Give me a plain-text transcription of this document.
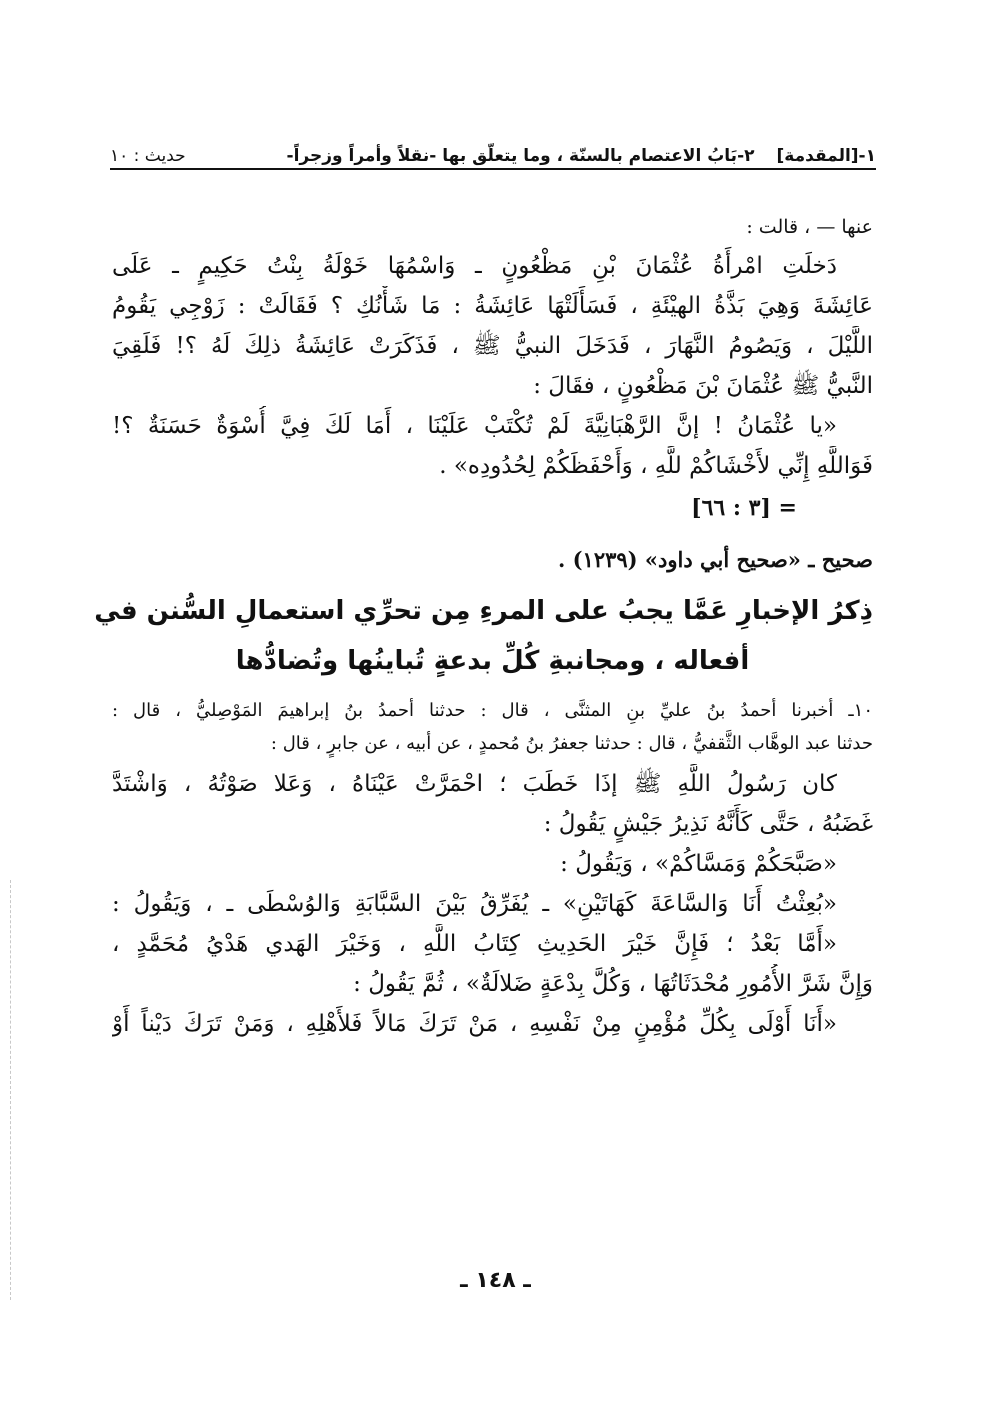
١-[المقدمة]
٢-بَابُ الاعتصام بالسنّة ، وما يتعلّق بها -نقلاً وأمراً وزجراً-
حديث : ١٠
عنها — ، قالت :
دَخلَتِ امْرأَةُ عُثْمَانَ بْنِ مَظْعُونٍ ـ وَاسْمُهَا خَوْلَةُ بِنْتُ حَكِيمٍ ـ عَلَى
عَائِشَةَ وَهِيَ بَذَّةُ الهيْئَةِ ، فَسَأَلَتْهَا عَائِشَةُ : مَا شَأْنُكِ ؟ فَقَالَتْ : زَوْجِي يَقُومُ
اللَّيْلَ ، وَيَصُومُ النَّهَارَ ، فَدَخَلَ النبيُّ ﷺ ، فَذَكَرَتْ عَائِشَةُ ذلِكَ لَهُ ؟! فَلَقِيَ
النَّبيُّ ﷺ عُثْمَانَ بْنَ مَظْعُونٍ ، فقَالَ :
«يا عُثْمَانُ ! إنَّ الرَّهْبَانِيَّةَ لَمْ تُكْتَبْ عَلَيْنَا ، أَمَا لَكَ فِيَّ أُسْوَةٌ حَسَنَةٌ ؟!
فَوَاللَّهِ إِنِّي لأَخْشَاكُمْ للَّهِ ، وَأَحْفَظَكُمْ لِحُدُودِه» .
= [٣ : ٦٦]
صحيح ـ «صحيح أبي داود» (١٢٣٩) .
ذِكرُ الإخبارِ عَمَّا يجبُ على المرءِ مِن تحرِّي استعمالِ السُّنن في
أفعاله ، ومجانبةِ كُلِّ بدعةٍ تُباينُها وتُضادُّها
١٠ـ أخبرنا أحمدُ بنُ عليِّ بنِ المثنَّى ، قال : حدثنا أحمدُ بنُ إبراهيمَ المَوْصِليُّ ، قال :
حدثنا عبد الوهَّاب الثَّقفيُّ ، قال : حدثنا جعفرُ بنُ مُحمدٍ ، عن أبيه ، عن جابرٍ ، قال :
كان رَسُولُ اللَّهِ ﷺ إذَا خَطَبَ ؛ احْمَرَّتْ عَيْنَاهُ ، وَعَلا صَوْتُهُ ، وَاشْتَدَّ
غَضَبُهُ ، حَتَّى كَأَنَّهُ نَذِيرُ جَيْشٍ يَقُولُ :
«صَبَّحَكُمْ وَمَسَّاكُمْ» ، وَيَقُولُ :
«بُعِثْتُ أَنَا وَالسَّاعَةَ كَهَاتَيْنِ» ـ يُفَرِّقُ بَيْنَ السَّبَّابَةِ وَالوُسْطَى ـ ، وَيَقُولُ :
«أَمَّا بَعْدُ ؛ فَإِنَّ خَيْرَ الحَدِيثِ كِتَابُ اللَّهِ ، وَخَيْرَ الهَدي هَدْيُ مُحَمَّدٍ ،
وَإِنَّ شَرَّ الأُمُورِ مُحْدَثَاتُهَا ، وَكُلَّ بِدْعَةٍ ضَلالَةٌ» ، ثُمَّ يَقُولُ :
«أَنَا أَوْلَى بِكُلِّ مُؤْمِنٍ مِنْ نَفْسِهِ ، مَنْ تَرَكَ مَالاً فَلأَهْلِهِ ، وَمَنْ تَرَكَ دَيْناً أَوْ
ـ ١٤٨ ـ
